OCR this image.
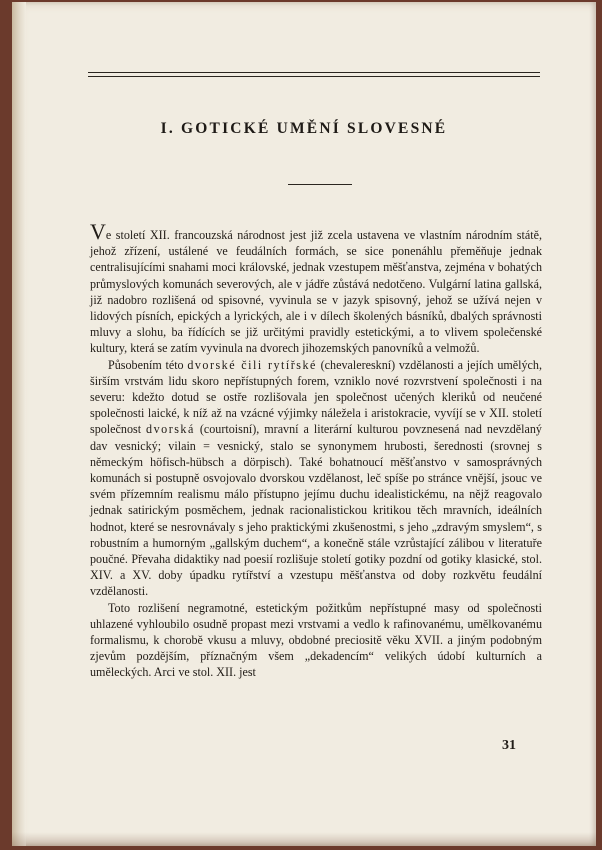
I. GOTICKÉ UMĚNÍ SLOVESNÉ

Ve století XII. francouzská národnost jest již zcela ustavena ve vlastním národním státě, jehož zřízení, ustálené ve feudálních formách, se sice ponenáhlu přeměňuje jednak centralisujícími snahami moci královské, jednak vzestupem měšťanstva, zejména v bohatých průmyslových komunách severových, ale v jádře zůstává nedotčeno. Vulgární latina gallská, již nadobro rozlišená od spisovné, vyvinula se v jazyk spisovný, jehož se užívá nejen v lidových písních, epických a lyrických, ale i v dílech školených básníků, dbalých správnosti mluvy a slohu, ba řídících se již určitými pravidly estetickými, a to vlivem společenské kultury, která se zatím vyvinula na dvorech jihozemských panovníků a velmožů.

Působením této dvorské čili rytířské (chevalereskní) vzdělanosti a jejích umělých, širším vrstvám lidu skoro nepřístupných forem, vzniklo nové rozvrstvení společnosti i na severu: kdežto dotud se ostře rozlišovala jen společnost učených kleriků od neučené společnosti laické, k níž až na vzácné výjimky náležela i aristokracie, vyvíjí se v XII. století společnost dvorská (courtoisní), mravní a literární kulturou povznesená nad nevzdělaný dav vesnický; vilain = vesnický, stalo se synonymem hrubosti, šerednosti (srovnej s německým höfisch-hübsch a dörpisch). Také bohatnoucí měšťanstvo v samosprávných komunách si postupně osvojovalo dvorskou vzdělanost, leč spíše po stránce vnější, jsouc ve svém přízemním realismu málo přístupno jejímu duchu idealistickému, na nějž reagovalo jednak satirickým posměchem, jednak racionalistickou kritikou těch mravních, ideálních hodnot, které se nesrovnávaly s jeho praktickými zkušenostmi, s jeho „zdravým smyslem“, s robustním a humorným „gallským duchem“, a konečně stále vzrůstající zálibou v literatuře poučné. Převaha didaktiky nad poesií rozlišuje století gotiky pozdní od gotiky klasické, stol. XIV. a XV. doby úpadku rytířství a vzestupu měšťanstva od doby rozkvětu feudální vzdělanosti.

Toto rozlišení negramotné, estetickým požitkům nepřístupné masy od společnosti uhlazené vyhloubilo osudně propast mezi vrstvami a vedlo k rafinovanému, umělkovanému formalismu, k chorobě vkusu a mluvy, obdobné preciositě věku XVII. a jiným podobným zjevům pozdějším, příznačným všem „dekadencím“ velikých údobí kulturních a uměleckých. Arci ve stol. XII. jest

31
